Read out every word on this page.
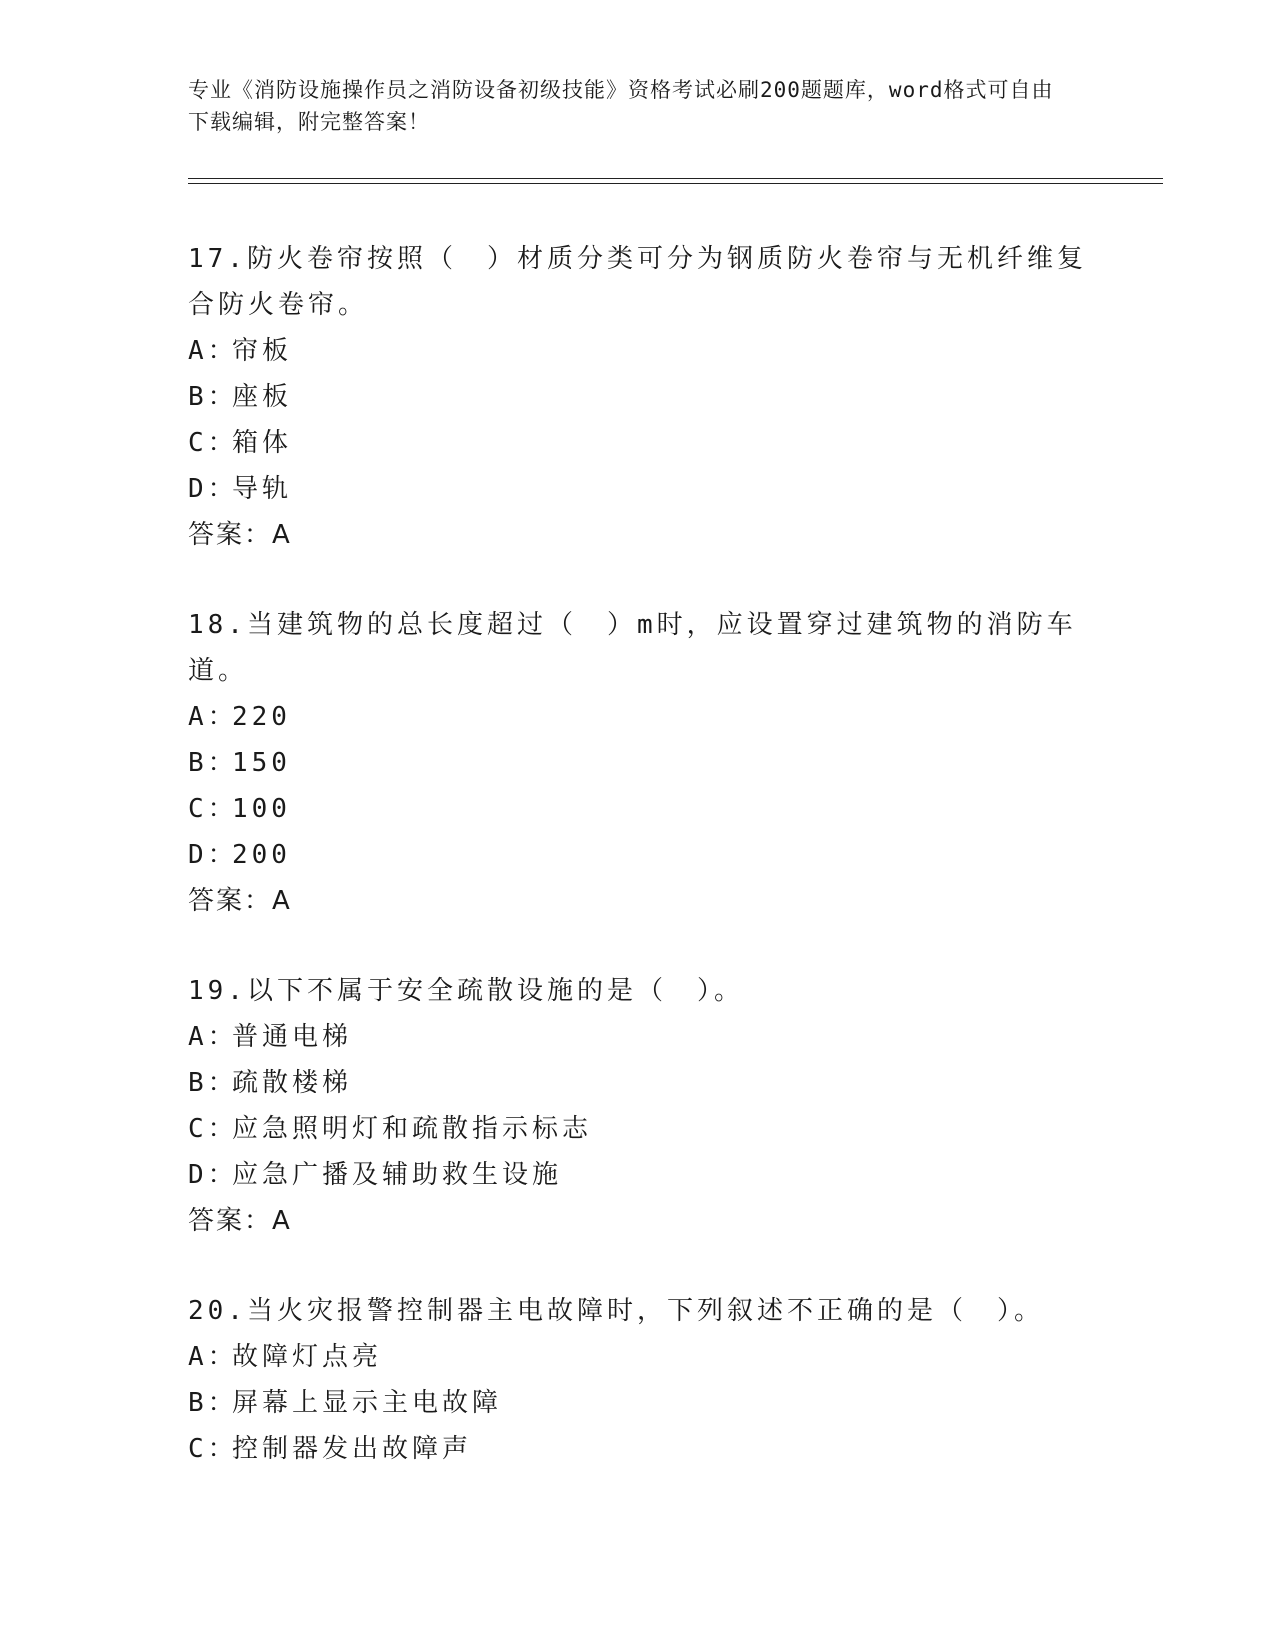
专业《消防设施操作员之消防设备初级技能》资格考试必刷200题题库，word格式可自由下载编辑，附完整答案！

17.防火卷帘按照（　）材质分类可分为钢质防火卷帘与无机纤维复合防火卷帘。

A：帘板

B：座板

C：箱体

D：导轨

答案：A

18.当建筑物的总长度超过（　）m时，应设置穿过建筑物的消防车道。

A：220

B：150

C：100

D：200

答案：A

19.以下不属于安全疏散设施的是（　）。

A：普通电梯

B：疏散楼梯

C：应急照明灯和疏散指示标志

D：应急广播及辅助救生设施

答案：A

20.当火灾报警控制器主电故障时，下列叙述不正确的是（　）。

A：故障灯点亮

B：屏幕上显示主电故障

C：控制器发出故障声
